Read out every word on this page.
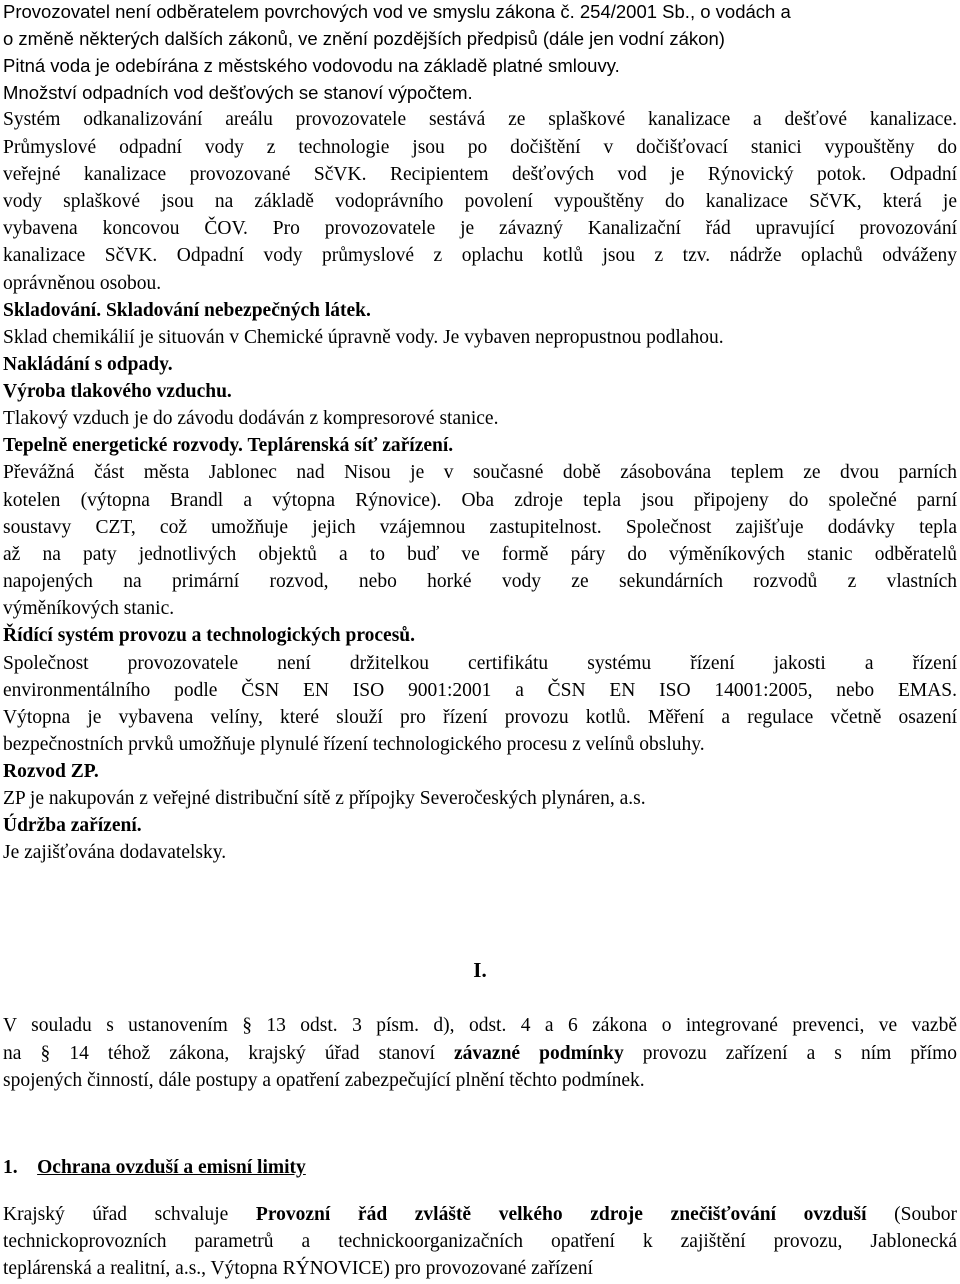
Provozovatel není odběratelem povrchových vod ve smyslu zákona č. 254/2001 Sb., o vodách a
o změně některých dalších zákonů, ve znění pozdějších předpisů (dále jen vodní zákon)
Pitná voda je odebírána z městského vodovodu na základě platné smlouvy.
Množství odpadních vod dešťových se stanoví výpočtem.
Systém odkanalizování areálu provozovatele sestává ze splaškové kanalizace a dešťové kanalizace.
Průmyslové odpadní vody z technologie jsou po dočištění v dočišťovací stanici vypouštěny do
veřejné kanalizace provozované SčVK. Recipientem dešťových vod je Rýnovický potok. Odpadní
vody splaškové jsou na základě vodoprávního povolení vypouštěny do kanalizace SčVK, která je
vybavena koncovou ČOV. Pro provozovatele je závazný Kanalizační řád upravující provozování
kanalizace SčVK. Odpadní vody průmyslové z oplachu kotlů jsou z tzv. nádrže oplachů odváženy
oprávněnou osobou.
Skladování. Skladování nebezpečných látek.
Sklad chemikálií je situován v Chemické úpravně vody. Je vybaven nepropustnou podlahou.
Nakládání s odpady.
Výroba tlakového vzduchu.
Tlakový vzduch je do závodu dodáván z kompresorové stanice.
Tepelně energetické rozvody. Teplárenská síť zařízení.
Převážná část města Jablonec nad Nisou je v současné době zásobována teplem ze dvou parních
kotelen (výtopna Brandl a výtopna Rýnovice). Oba zdroje tepla jsou připojeny do společné parní
soustavy CZT, což umožňuje jejich vzájemnou zastupitelnost. Společnost zajišťuje dodávky tepla
až na paty jednotlivých objektů a to buď ve formě páry do výměníkových stanic odběratelů
napojených na primární rozvod, nebo horké vody ze sekundárních rozvodů z vlastních
výměníkových stanic.
Řídící systém provozu a technologických procesů.
Společnost provozovatele není držitelkou certifikátu systému řízení jakosti a řízení
environmentálního podle ČSN EN ISO 9001:2001 a ČSN EN ISO 14001:2005, nebo EMAS.
Výtopna je vybavena velíny, které slouží pro řízení provozu kotlů. Měření a regulace včetně osazení
bezpečnostních prvků umožňuje plynulé řízení technologického procesu z velínů obsluhy.
Rozvod ZP.
ZP je nakupován z veřejné distribuční sítě z přípojky Severočeských plynáren, a.s.
Údržba zařízení.
Je zajišťována dodavatelsky.
I.
V souladu s ustanovením § 13 odst. 3 písm. d), odst. 4 a 6 zákona o integrované prevenci, ve vazbě
na § 14 téhož zákona, krajský úřad stanoví závazné podmínky provozu zařízení a s ním přímo
spojených činností, dále postupy a opatření zabezpečující plnění těchto podmínek.
1. Ochrana ovzduší a emisní limity
Krajský úřad schvaluje Provozní řád zvláště velkého zdroje znečišťování ovzduší (Soubor
technickoprovozních parametrů a technickoorganizačních opatření k zajištění provozu, Jablonecká
teplárenská a realitní, a.s., Výtopna RÝNOVICE) pro provozované zařízení
